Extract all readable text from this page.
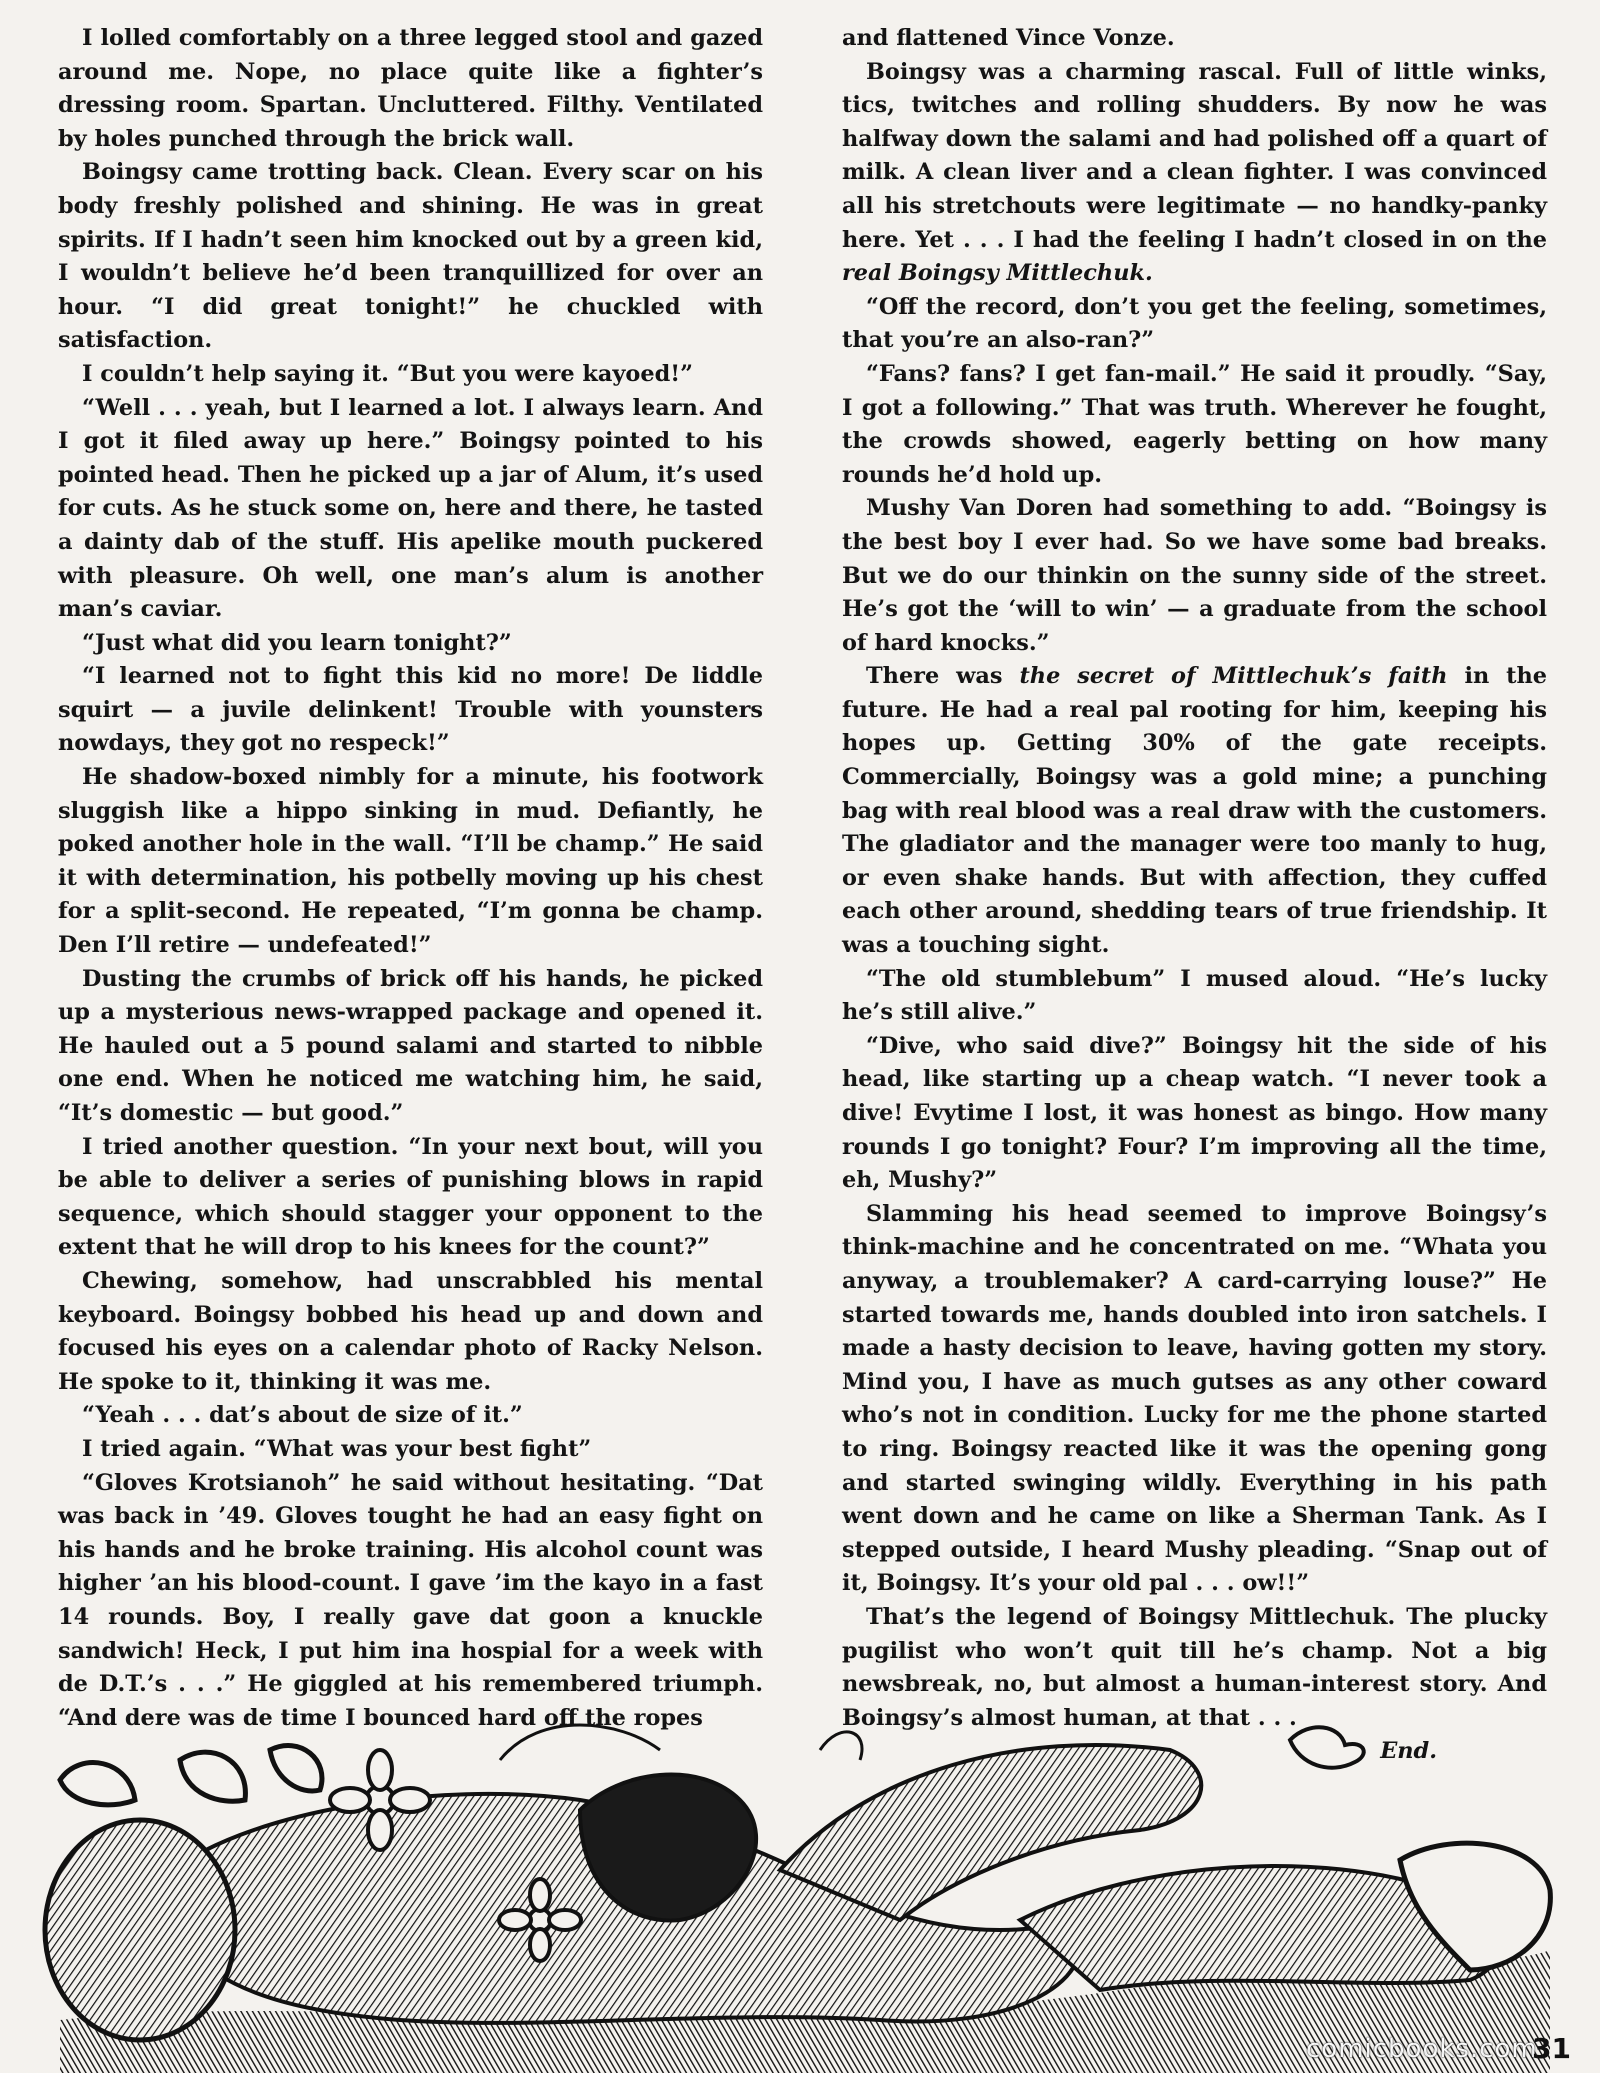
I lolled comfortably on a three legged stool and gazed around me. Nope, no place quite like a fighter’s dressing room. Spartan. Uncluttered. Filthy. Ventilated by holes punched through the brick wall.

Boingsy came trotting back. Clean. Every scar on his body freshly polished and shining. He was in great spirits. If I hadn’t seen him knocked out by a green kid, I wouldn’t believe he’d been tranquillized for over an hour. “I did great tonight!” he chuckled with satisfaction.

I couldn’t help saying it. “But you were kayoed!”

“Well . . . yeah, but I learned a lot. I always learn. And I got it filed away up here.” Boingsy pointed to his pointed head. Then he picked up a jar of Alum, it’s used for cuts. As he stuck some on, here and there, he tasted a dainty dab of the stuff. His apelike mouth puckered with pleasure. Oh well, one man’s alum is another man’s caviar.

“Just what did you learn tonight?”

“I learned not to fight this kid no more! De liddle squirt — a juvile delinkent! Trouble with younsters nowdays, they got no respeck!”

He shadow-boxed nimbly for a minute, his footwork sluggish like a hippo sinking in mud. Defiantly, he poked another hole in the wall. “I’ll be champ.” He said it with determination, his potbelly moving up his chest for a split-second. He repeated, “I’m gonna be champ. Den I’ll retire — undefeated!”

Dusting the crumbs of brick off his hands, he picked up a mysterious news-wrapped package and opened it. He hauled out a 5 pound salami and started to nibble one end. When he noticed me watching him, he said, “It’s domestic — but good.”

I tried another question. “In your next bout, will you be able to deliver a series of punishing blows in rapid sequence, which should stagger your opponent to the extent that he will drop to his knees for the count?”

Chewing, somehow, had unscrabbled his mental keyboard. Boingsy bobbed his head up and down and focused his eyes on a calendar photo of Racky Nelson. He spoke to it, thinking it was me.

“Yeah . . . dat’s about de size of it.”

I tried again. “What was your best fight”

“Gloves Krotsianoh” he said without hesitating. “Dat was back in ’49. Gloves tought he had an easy fight on his hands and he broke training. His alcohol count was higher ’an his blood-count. I gave ’im the kayo in a fast 14 rounds. Boy, I really gave dat goon a knuckle sandwich! Heck, I put him ina hospial for a week with de D.T.’s . . .” He giggled at his remembered triumph. “And dere was de time I bounced hard off the ropes

and flattened Vince Vonze.

Boingsy was a charming rascal. Full of little winks, tics, twitches and rolling shudders. By now he was halfway down the salami and had polished off a quart of milk. A clean liver and a clean fighter. I was convinced all his stretchouts were legitimate — no handky-panky here. Yet . . . I had the feeling I hadn’t closed in on the real Boingsy Mittlechuk.

“Off the record, don’t you get the feeling, sometimes, that you’re an also-ran?”

“Fans? fans? I get fan-mail.” He said it proudly. “Say, I got a following.” That was truth. Wherever he fought, the crowds showed, eagerly betting on how many rounds he’d hold up.

Mushy Van Doren had something to add. “Boingsy is the best boy I ever had. So we have some bad breaks. But we do our thinkin on the sunny side of the street. He’s got the ‘will to win’ — a graduate from the school of hard knocks.”

There was the secret of Mittlechuk’s faith in the future. He had a real pal rooting for him, keeping his hopes up. Getting 30% of the gate receipts. Commercially, Boingsy was a gold mine; a punching bag with real blood was a real draw with the customers. The gladiator and the manager were too manly to hug, or even shake hands. But with affection, they cuffed each other around, shedding tears of true friendship. It was a touching sight.

“The old stumblebum” I mused aloud. “He’s lucky he’s still alive.”

“Dive, who said dive?” Boingsy hit the side of his head, like starting up a cheap watch. “I never took a dive! Evytime I lost, it was honest as bingo. How many rounds I go tonight? Four? I’m improving all the time, eh, Mushy?”

Slamming his head seemed to improve Boingsy’s think-machine and he concentrated on me. “Whata you anyway, a troublemaker? A card-carrying louse?” He started towards me, hands doubled into iron satchels. I made a hasty decision to leave, having gotten my story. Mind you, I have as much gutses as any other coward who’s not in condition. Lucky for me the phone started to ring. Boingsy reacted like it was the opening gong and started swinging wildly. Everything in his path went down and he came on like a Sherman Tank. As I stepped outside, I heard Mushy pleading. “Snap out of it, Boingsy. It’s your old pal . . . ow!!”

That’s the legend of Boingsy Mittlechuk. The plucky pugilist who won’t quit till he’s champ. Not a big newsbreak, no, but almost a human-interest story. And Boingsy’s almost human, at that . . .

End.

comicbooks.com
31
